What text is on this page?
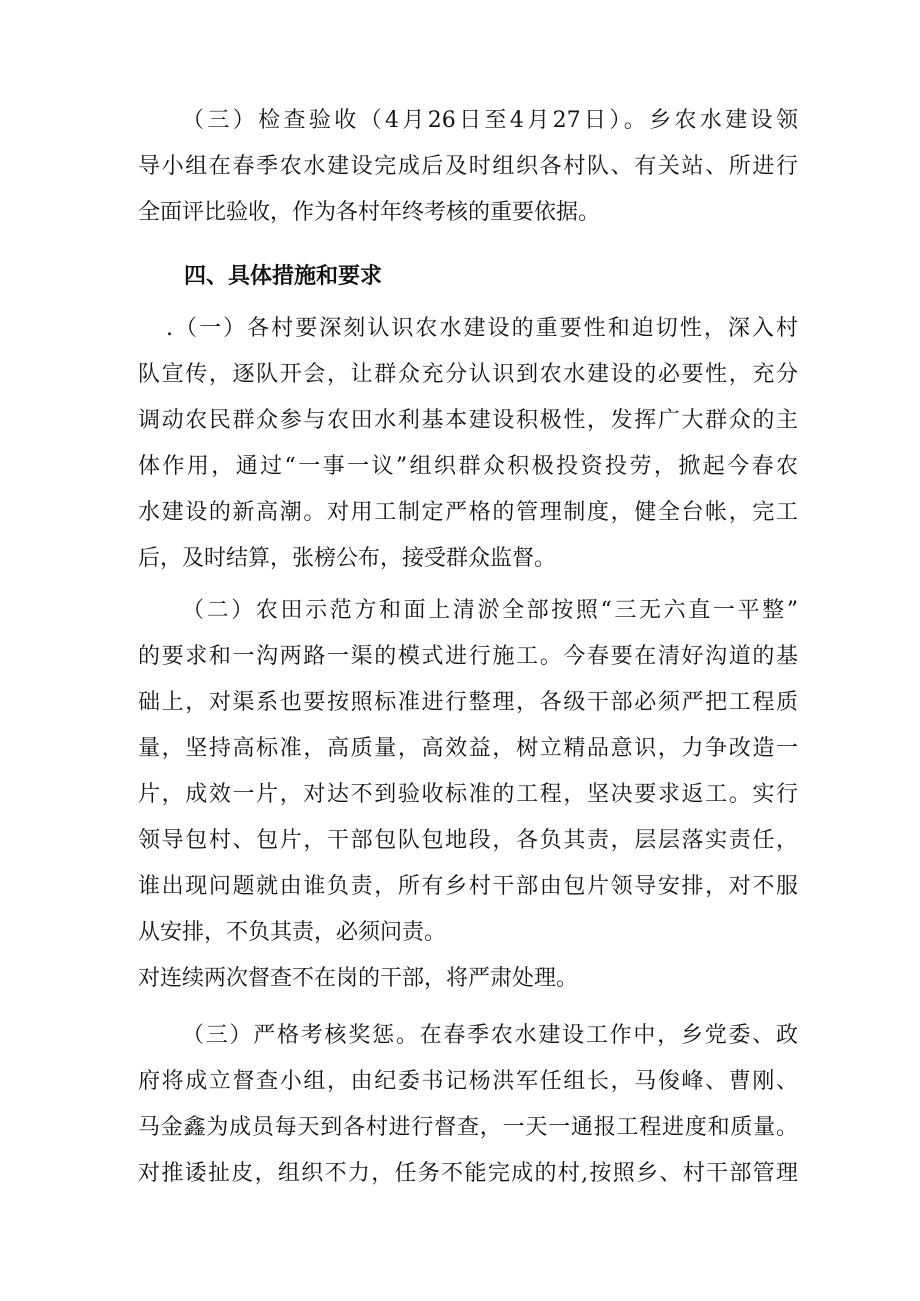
（三）检查验收（4月26日至4月27日）。乡农水建设领
导小组在春季农水建设完成后及时组织各村队、有关站、所进行
全面评比验收，作为各村年终考核的重要依据。
四、具体措施和要求
.（一）各村要深刻认识农水建设的重要性和迫切性，深入村
队宣传，逐队开会，让群众充分认识到农水建设的必要性，充分
调动农民群众参与农田水利基本建设积极性，发挥广大群众的主
体作用，通过“一事一议”组织群众积极投资投劳，掀起今春农
水建设的新高潮。对用工制定严格的管理制度，健全台帐，完工
后，及时结算，张榜公布，接受群众监督。
（二）农田示范方和面上清淤全部按照“三无六直一平整”
的要求和一沟两路一渠的模式进行施工。今春要在清好沟道的基
础上，对渠系也要按照标准进行整理，各级干部必须严把工程质
量，坚持高标准，高质量，高效益，树立精品意识，力争改造一
片，成效一片，对达不到验收标准的工程，坚决要求返工。实行
领导包村、包片，干部包队包地段，各负其责，层层落实责任，
谁出现问题就由谁负责，所有乡村干部由包片领导安排，对不服
从安排，不负其责，必须问责。
对连续两次督查不在岗的干部，将严肃处理。
（三）严格考核奖惩。在春季农水建设工作中，乡党委、政
府将成立督查小组，由纪委书记杨洪军任组长，马俊峰、曹刚、
马金鑫为成员每天到各村进行督查，一天一通报工程进度和质量。
对推诿扯皮，组织不力，任务不能完成的村,按照乡、村干部管理
